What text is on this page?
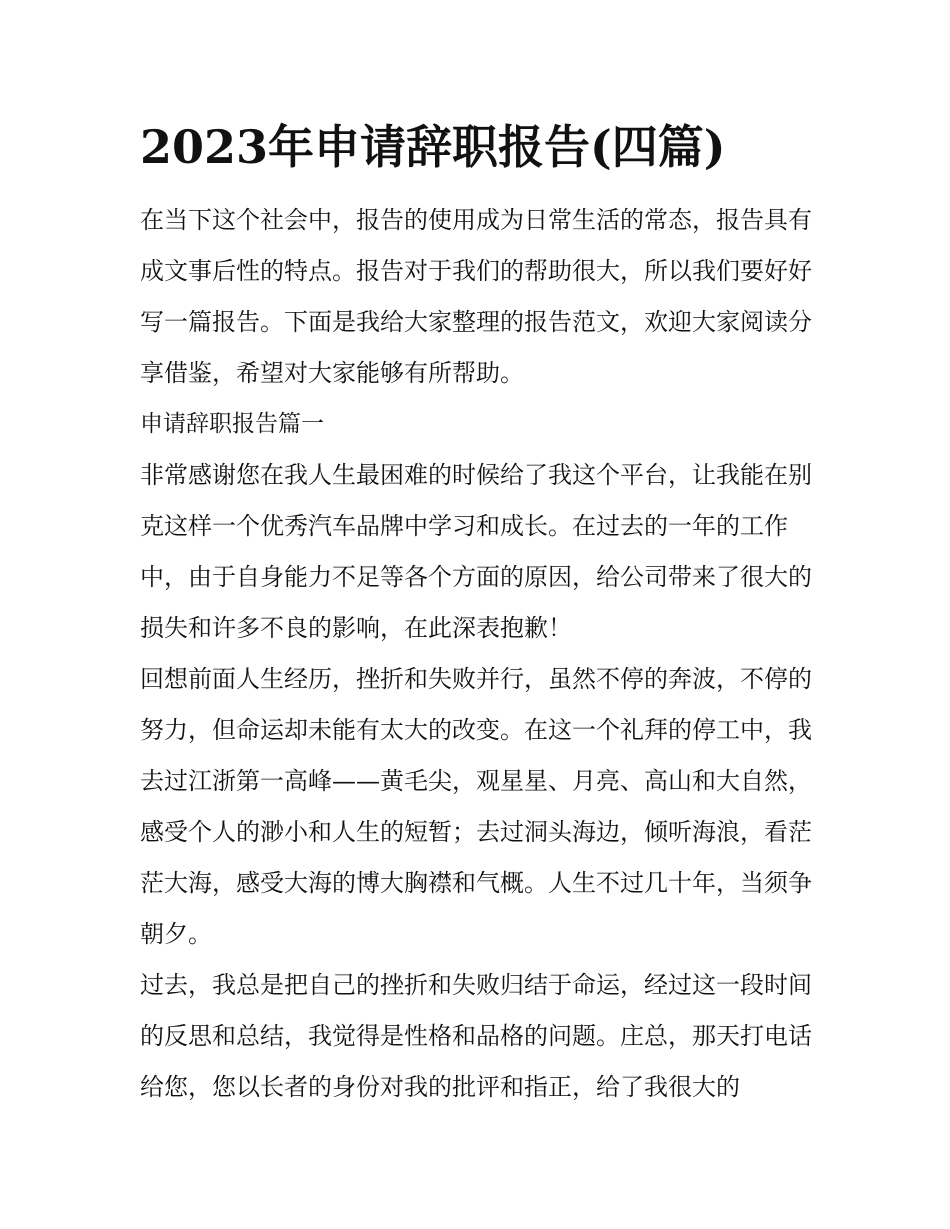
2023年申请辞职报告(四篇)

在当下这个社会中，报告的使用成为日常生活的常态，报告具有成文事后性的特点。报告对于我们的帮助很大，所以我们要好好写一篇报告。下面是我给大家整理的报告范文，欢迎大家阅读分享借鉴，希望对大家能够有所帮助。

申请辞职报告篇一

非常感谢您在我人生最困难的时候给了我这个平台，让我能在别克这样一个优秀汽车品牌中学习和成长。在过去的一年的工作中，由于自身能力不足等各个方面的原因，给公司带来了很大的损失和许多不良的影响，在此深表抱歉！

回想前面人生经历，挫折和失败并行，虽然不停的奔波，不停的努力，但命运却未能有太大的改变。在这一个礼拜的停工中，我去过江浙第一高峰——黄毛尖，观星星、月亮、高山和大自然，感受个人的渺小和人生的短暂；去过洞头海边，倾听海浪，看茫茫大海，感受大海的博大胸襟和气概。人生不过几十年，当须争朝夕。

过去，我总是把自己的挫折和失败归结于命运，经过这一段时间的反思和总结，我觉得是性格和品格的问题。庄总，那天打电话给您，您以长者的身份对我的批评和指正，给了我很大的
